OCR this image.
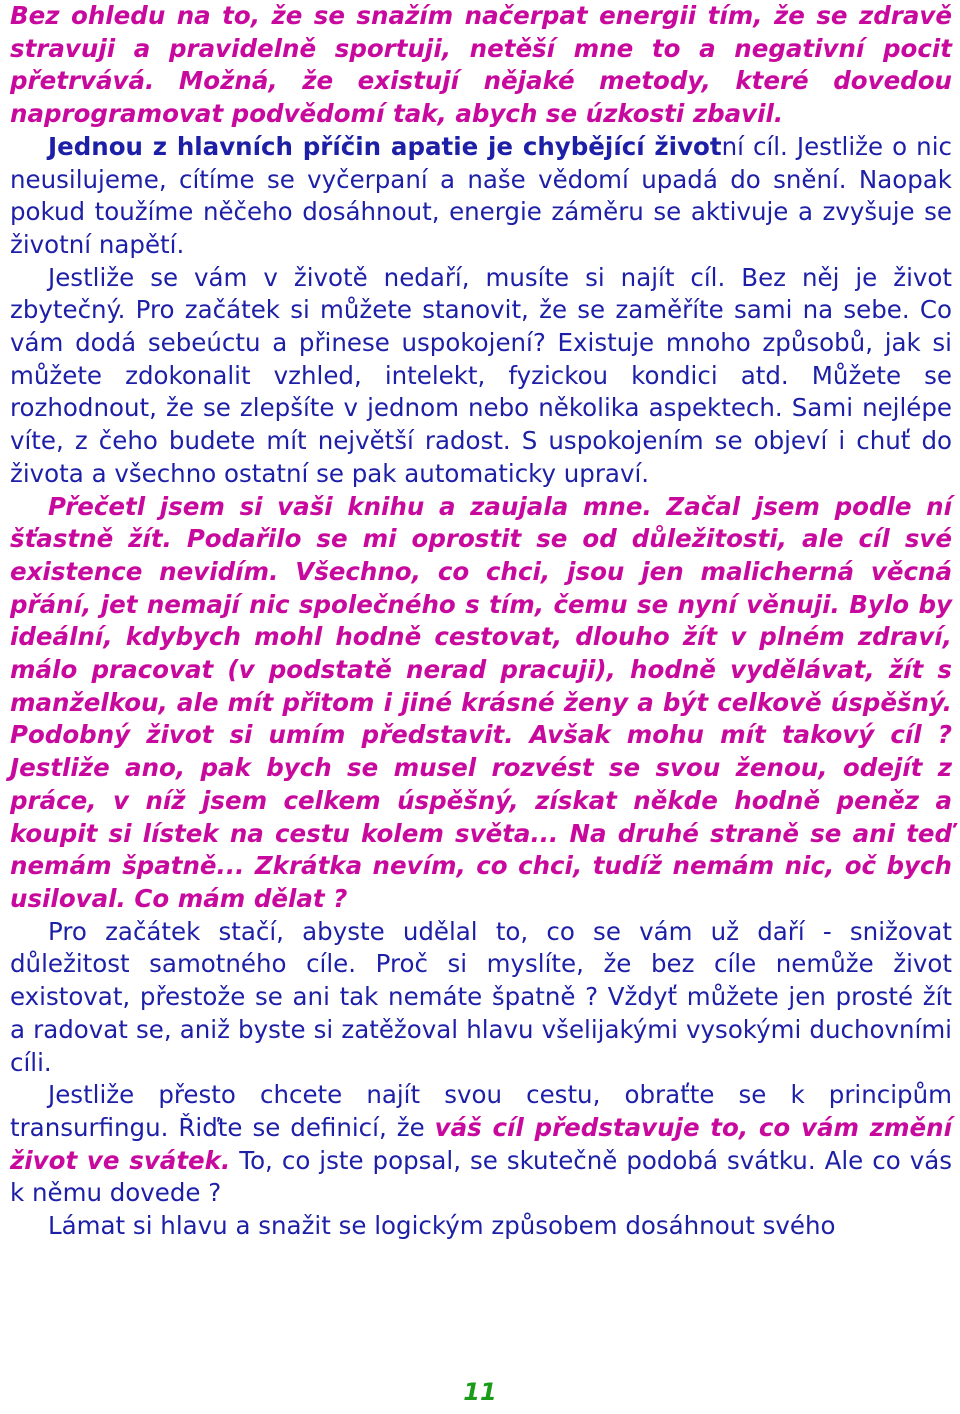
Bez ohledu na to, že se snažím načerpat energii tím, že se zdravě stravuji a pravidelně sportuji, netěší mne to a negativní pocit přetrvává. Možná, že existují nějaké metody, které dovedou naprogramovat podvědomí tak, abych se úzkosti zbavil.

Jednou z hlavních příčin apatie je chybějící životní cíl. Jestliže o nic neusilujeme, cítíme se vyčerpaní a naše vědomí upadá do snění. Naopak pokud toužíme něčeho dosáhnout, energie záměru se aktivuje a zvyšuje se životní napětí.

Jestliže se vám v životě nedaří, musíte si najít cíl. Bez něj je život zbytečný. Pro začátek si můžete stanovit, že se zaměříte sami na sebe. Co vám dodá sebeúctu a přinese uspokojení? Existuje mnoho způsobů, jak si můžete zdokonalit vzhled, intelekt, fyzickou kondici atd. Můžete se rozhodnout, že se zlepšíte v jednom nebo několika aspektech. Sami nejlépe víte, z čeho budete mít největší radost. S uspokojením se objeví i chuť do života a všechno ostatní se pak automaticky upraví.

Přečetl jsem si vaši knihu a zaujala mne. Začal jsem podle ní šťastně žít. Podařilo se mi oprostit se od důležitosti, ale cíl své existence nevidím. Všechno, co chci, jsou jen malicherná věcná přání, jet nemají nic společného s tím, čemu se nyní věnuji. Bylo by ideální, kdybych mohl hodně cestovat, dlouho žít v plném zdraví, málo pracovat (v podstatě nerad pracuji), hodně vydělávat, žít s manželkou, ale mít přitom i jiné krásné ženy a být celkově úspěšný. Podobný život si umím představit. Avšak mohu mít takový cíl ? Jestliže ano, pak bych se musel rozvést se svou ženou, odejít z práce, v níž jsem celkem úspěšný, získat někde hodně peněz a koupit si lístek na cestu kolem světa... Na druhé straně se ani teď nemám špatně... Zkrátka nevím, co chci, tudíž nemám nic, oč bych usiloval. Co mám dělat ?

Pro začátek stačí, abyste udělal to, co se vám už daří - snižovat důležitost samotného cíle. Proč si myslíte, že bez cíle nemůže život existovat, přestože se ani tak nemáte špatně ? Vždyť můžete jen prosté žít a radovat se, aniž byste si zatěžoval hlavu všelijakými vysokými duchovními cíli.

Jestliže přesto chcete najít svou cestu, obraťte se k principům transurfingu. Řiďte se definicí, že váš cíl představuje to, co vám změní život ve svátek. To, co jste popsal, se skutečně podobá svátku. Ale co vás k němu dovede ?

Lámat si hlavu a snažit se logickým způsobem dosáhnout svého

11
